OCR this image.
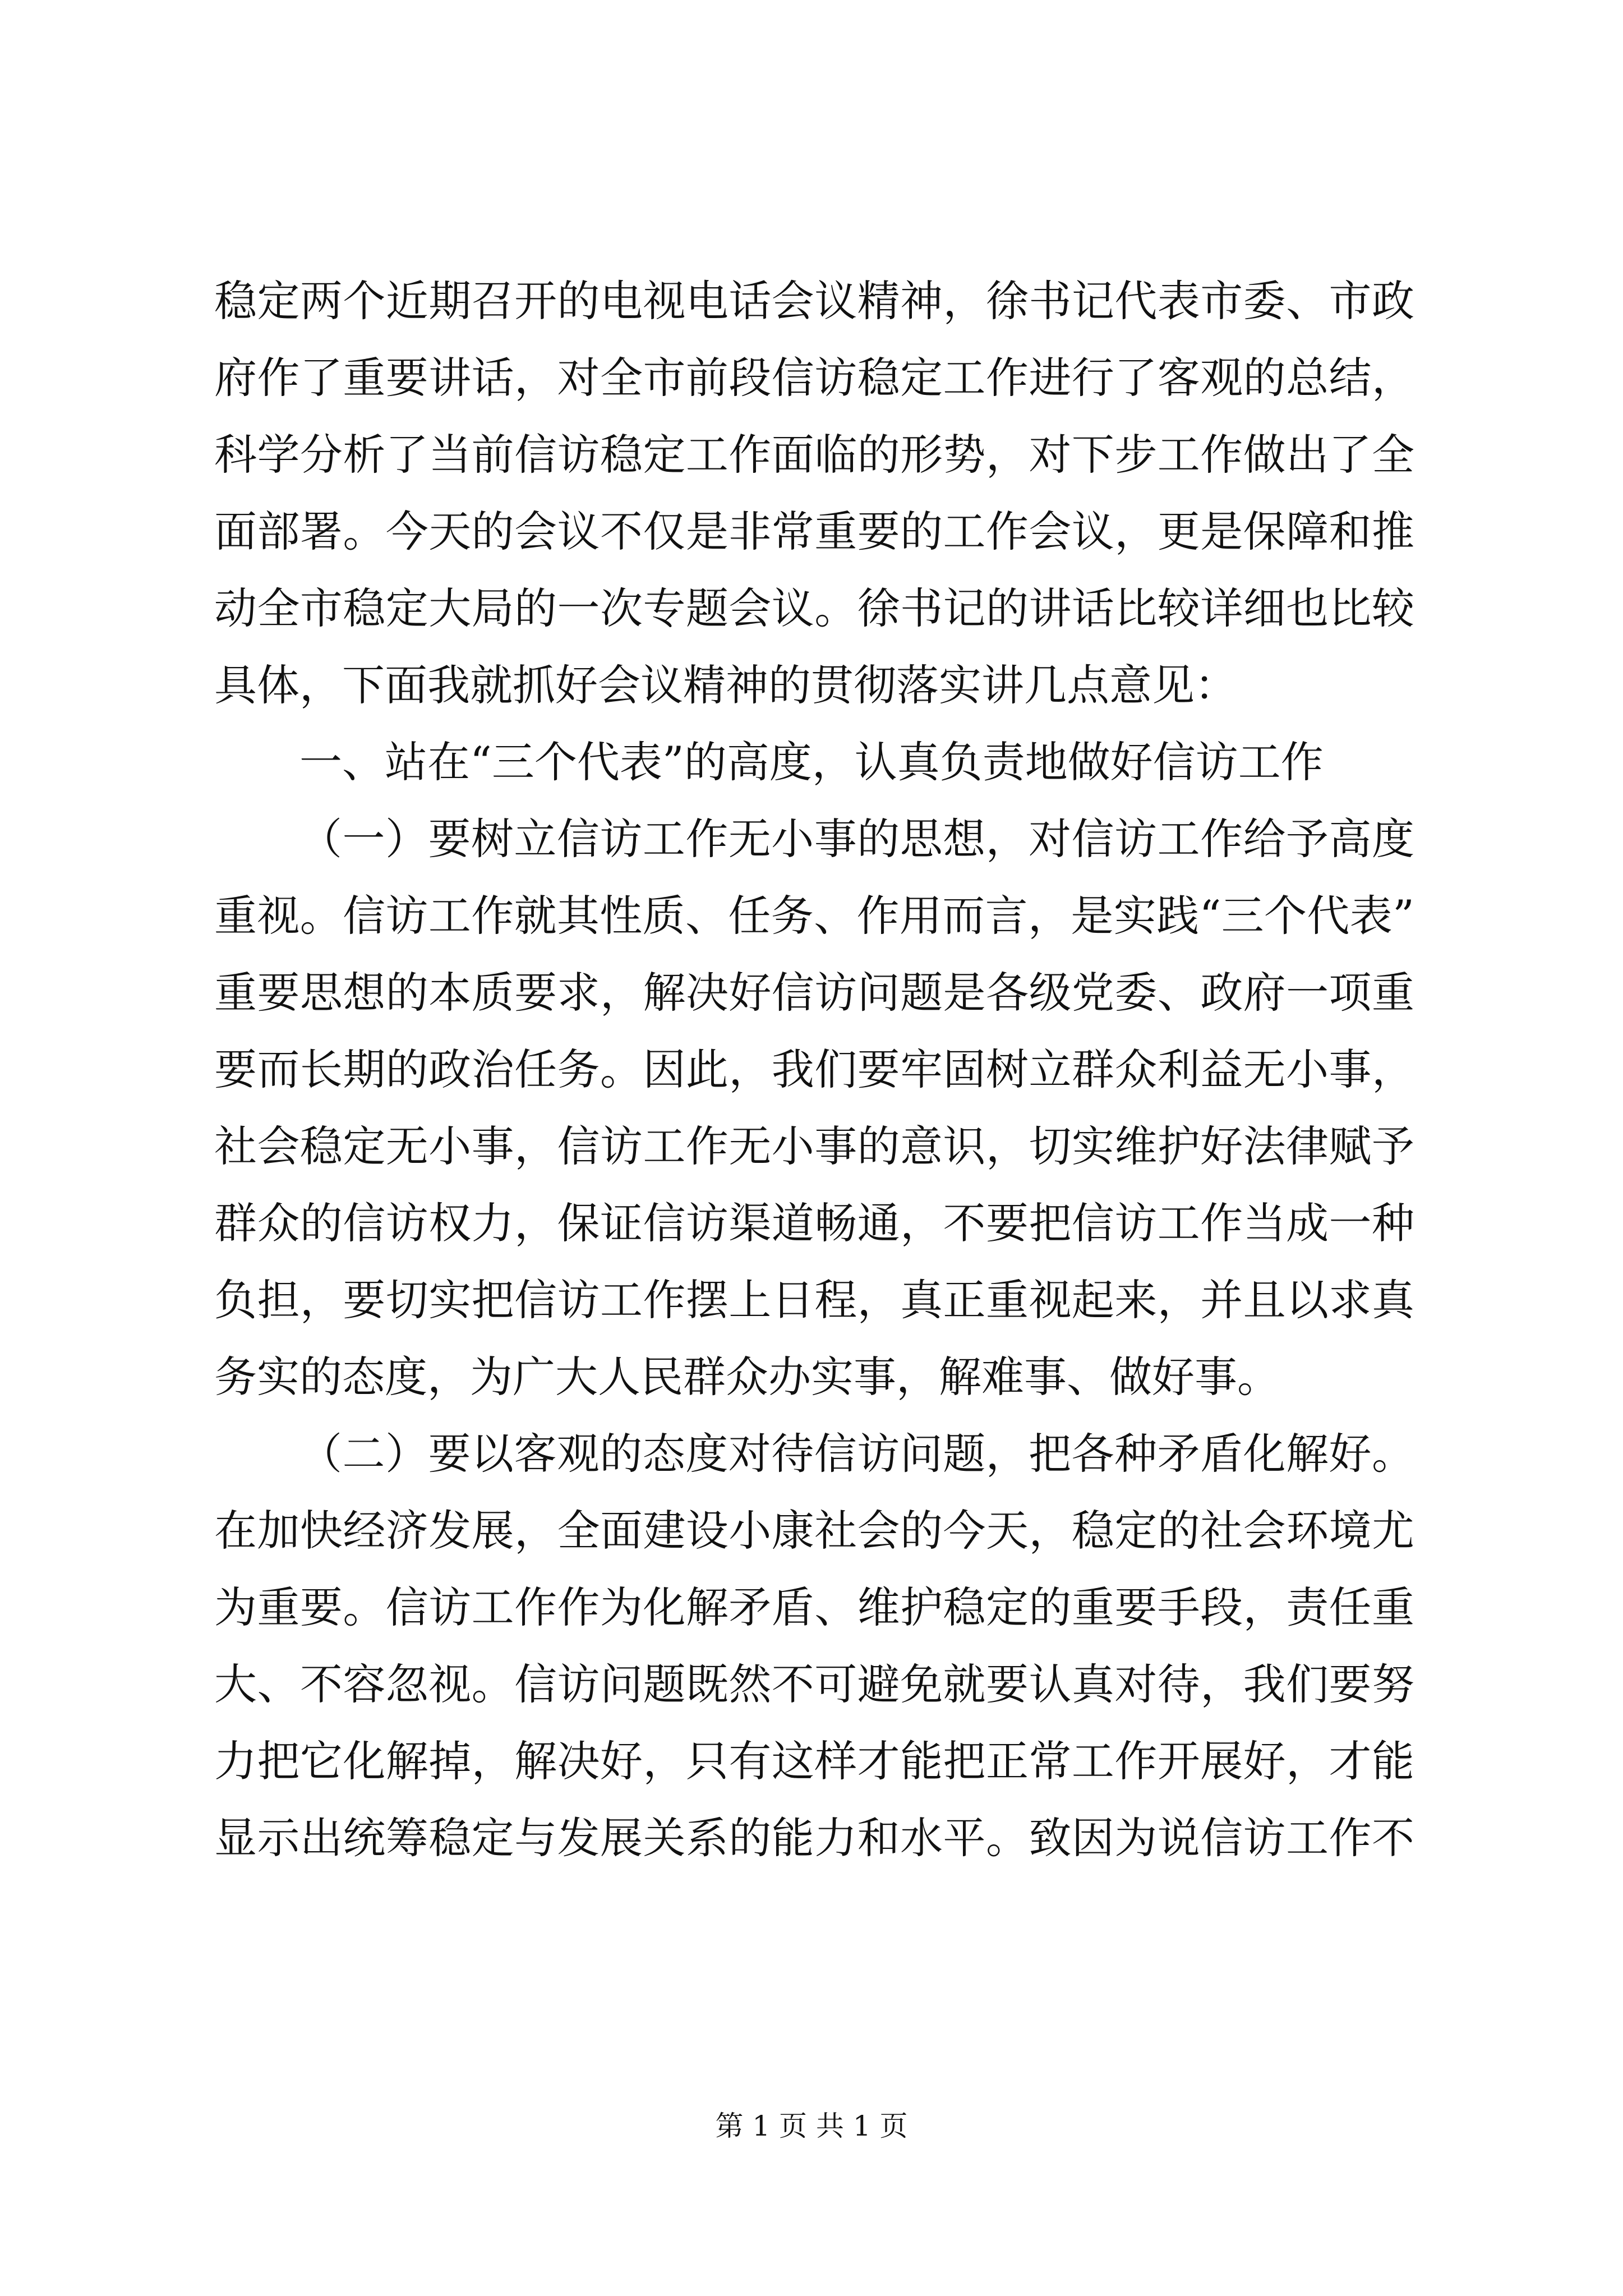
稳定两个近期召开的电视电话会议精神，徐书记代表市委、市政
府作了重要讲话，对全市前段信访稳定工作进行了客观的总结，
科学分析了当前信访稳定工作面临的形势，对下步工作做出了全
面部署。今天的会议不仅是非常重要的工作会议，更是保障和推
动全市稳定大局的一次专题会议。徐书记的讲话比较详细也比较
具体，下面我就抓好会议精神的贯彻落实讲几点意见：
一、站在“三个代表”的高度，认真负责地做好信访工作
（一）要树立信访工作无小事的思想，对信访工作给予高度
重视。信访工作就其性质、任务、作用而言，是实践“三个代表”
重要思想的本质要求，解决好信访问题是各级党委、政府一项重
要而长期的政治任务。因此，我们要牢固树立群众利益无小事，
社会稳定无小事，信访工作无小事的意识，切实维护好法律赋予
群众的信访权力，保证信访渠道畅通，不要把信访工作当成一种
负担，要切实把信访工作摆上日程，真正重视起来，并且以求真
务实的态度，为广大人民群众办实事，解难事、做好事。
（二）要以客观的态度对待信访问题，把各种矛盾化解好。
在加快经济发展，全面建设小康社会的今天，稳定的社会环境尤
为重要。信访工作作为化解矛盾、维护稳定的重要手段，责任重
大、不容忽视。信访问题既然不可避免就要认真对待，我们要努
力把它化解掉，解决好，只有这样才能把正常工作开展好，才能
显示出统筹稳定与发展关系的能力和水平。致因为说信访工作不
第 1 页 共 1 页
